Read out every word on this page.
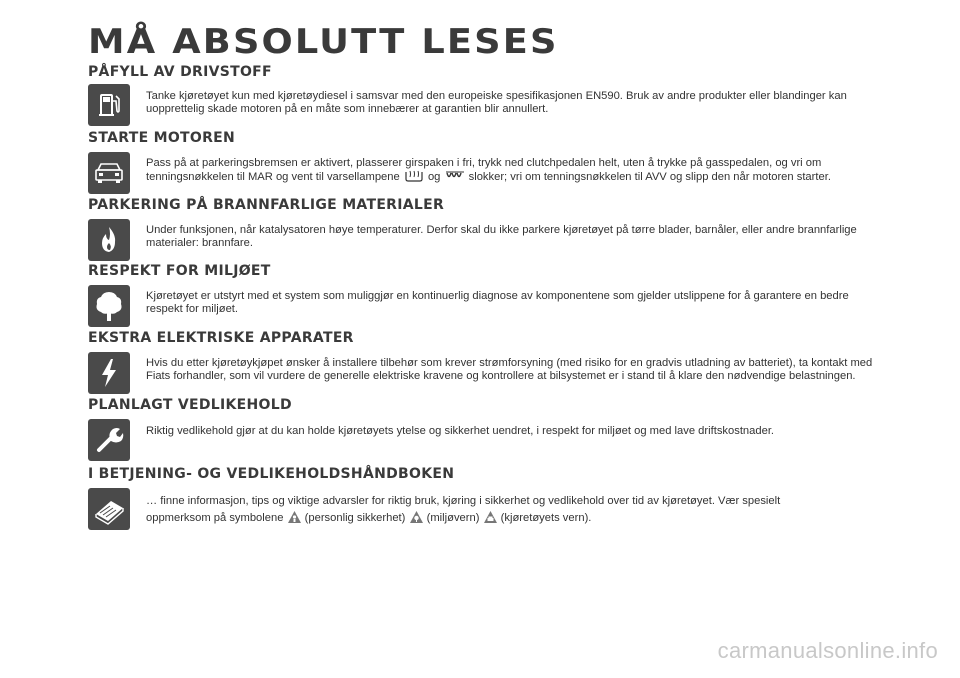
MÅ ABSOLUTT LESES
PÅFYLL AV DRIVSTOFF

Tanke kjøretøyet kun med kjøretøydiesel i samsvar med den europeiske spesifikasjonen EN590. Bruk av andre produkter eller blandinger kan uopprettelig skade motoren på en måte som innebærer at garantien blir annullert.

STARTE MOTOREN

Pass på at parkeringsbremsen er aktivert, plasserer girspaken i fri, trykk ned clutchpedalen helt, uten å trykke på gasspedalen, og vri om tenningsnøkkelen til MAR og vent til varsellampene	og	slokker; vri om tenningsnøkkelen til AVV og slipp den når motoren starter.

PARKERING PÅ BRANNFARLIGE MATERIALER

Under funksjonen, når katalysatoren høye temperaturer. Derfor skal du ikke parkere kjøretøyet på tørre blader, barnåler, eller andre brannfarlige materialer: brannfare.

RESPEKT FOR MILJØET

Kjøretøyet er utstyrt med et system som muliggjør en kontinuerlig diagnose av komponentene som gjelder utslippene for å garantere en bedre respekt for miljøet.

EKSTRA ELEKTRISKE APPARATER

Hvis du etter kjøretøykjøpet ønsker å installere tilbehør som krever strømforsyning (med risiko for en gradvis utladning av batteriet), ta kontakt med Fiats forhandler, som vil vurdere de generelle elektriske kravene og kontrollere at bilsystemet er i stand til å klare den nødvendige belastningen.

PLANLAGT VEDLIKEHOLD

Riktig vedlikehold gjør at du kan holde kjøretøyets ytelse og sikkerhet uendret, i respekt for miljøet og med lave driftskostnader.

I BETJENING- OG VEDLIKEHOLDSHÅNDBOKEN

… finne informasjon, tips og viktige advarsler for riktig bruk, kjøring i sikkerhet og vedlikehold over tid av kjøretøyet. Vær spesielt oppmerksom på symbolene (personlig sikkerhet) (miljøvern) (kjøretøyets vern).

carmanualsonline.info
